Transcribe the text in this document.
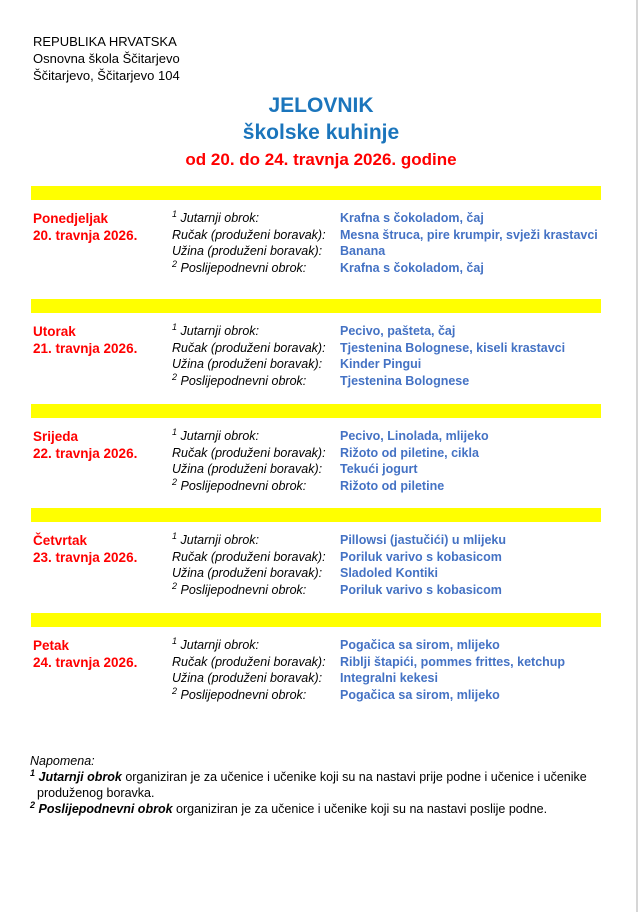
REPUBLIKA HRVATSKA
Osnovna škola Ščitarjevo
Ščitarjevo, Ščitarjevo 104
JELOVNIK
školske kuhinje
od 20. do 24. travnja 2026. godine
Ponedjeljak
20. travnja 2026.
$^1$ Jutarnji obrok:	Krafna s čokoladom, čaj
Ručak (produženi boravak):	Mesna štruca, pire krumpir, svježi krastavci
Užina (produženi boravak):	Banana
$^2$ Poslijepodnevni obrok:	Krafna s čokoladom, čaj
Utorak
21. travnja 2026.
$^1$ Jutarnji obrok:	Pecivo, pašteta, čaj
Ručak (produženi boravak):	Tjestenina Bolognese, kiseli krastavci
Užina (produženi boravak):	Kinder Pingui
$^2$ Poslijepodnevni obrok:	Tjestenina Bolognese
Srijeda
22. travnja 2026.
$^1$ Jutarnji obrok:	Pecivo, Linolada, mlijeko
Ručak (produženi boravak):	Rižoto od piletine, cikla
Užina (produženi boravak):	Tekući jogurt
$^2$ Poslijepodnevni obrok:	Rižoto od piletine
Četvrtak
23. travnja 2026.
$^1$ Jutarnji obrok:	Pillowsi (jastučići) u mlijeku
Ručak (produženi boravak):	Poriluk varivo s kobasicom
Užina (produženi boravak):	Sladoled Kontiki
$^2$ Poslijepodnevni obrok:	Poriluk varivo s kobasicom
Petak
24. travnja 2026.
$^1$ Jutarnji obrok:	Pogačica sa sirom, mlijeko
Ručak (produženi boravak):	Riblji štapići, pommes frittes, ketchup
Užina (produženi boravak):	Integralni kekesi
$^2$ Poslijepodnevni obrok:	Pogačica sa sirom, mlijeko
Napomena:
$^1$ Jutarnji obrok organiziran je za učenice i učenike koji su na nastavi prije podne i učenice i učenike produženog boravka.
$^2$ Poslijepodnevni obrok organiziran je za učenice i učenike koji su na nastavi poslije podne.
